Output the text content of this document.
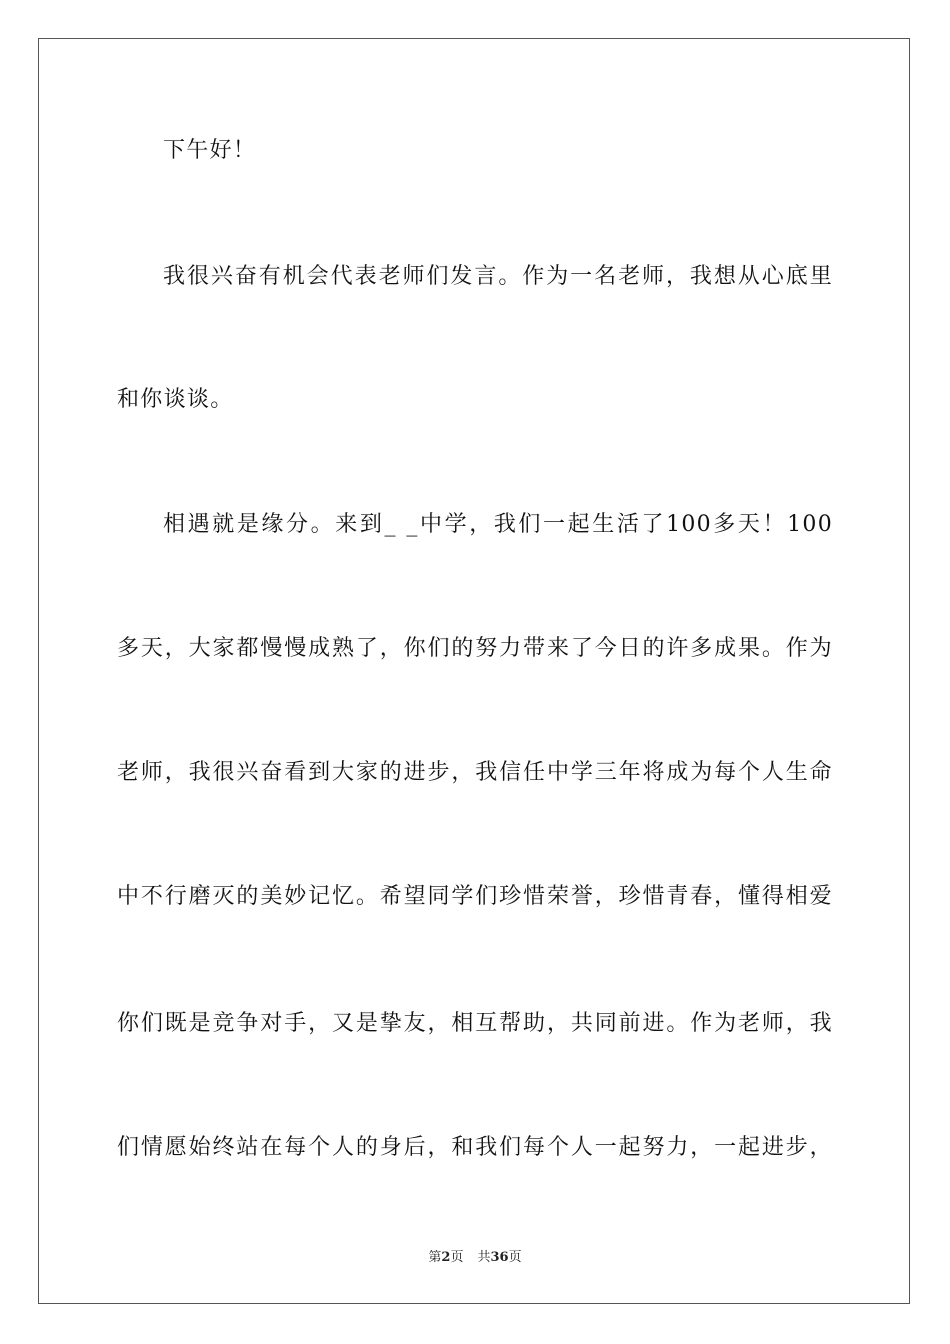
下午好！
我很兴奋有机会代表老师们发言。作为一名老师，我想从心底里
和你谈谈。
相遇就是缘分。来到_ _中学，我们一起生活了100多天！100
多天，大家都慢慢成熟了，你们的努力带来了今日的许多成果。作为
老师，我很兴奋看到大家的进步，我信任中学三年将成为每个人生命
中不行磨灭的美妙记忆。希望同学们珍惜荣誉，珍惜青春，懂得相爱
你们既是竞争对手，又是挚友，相互帮助，共同前进。作为老师，我
们情愿始终站在每个人的身后，和我们每个人一起努力，一起进步，
第2页 共36页
